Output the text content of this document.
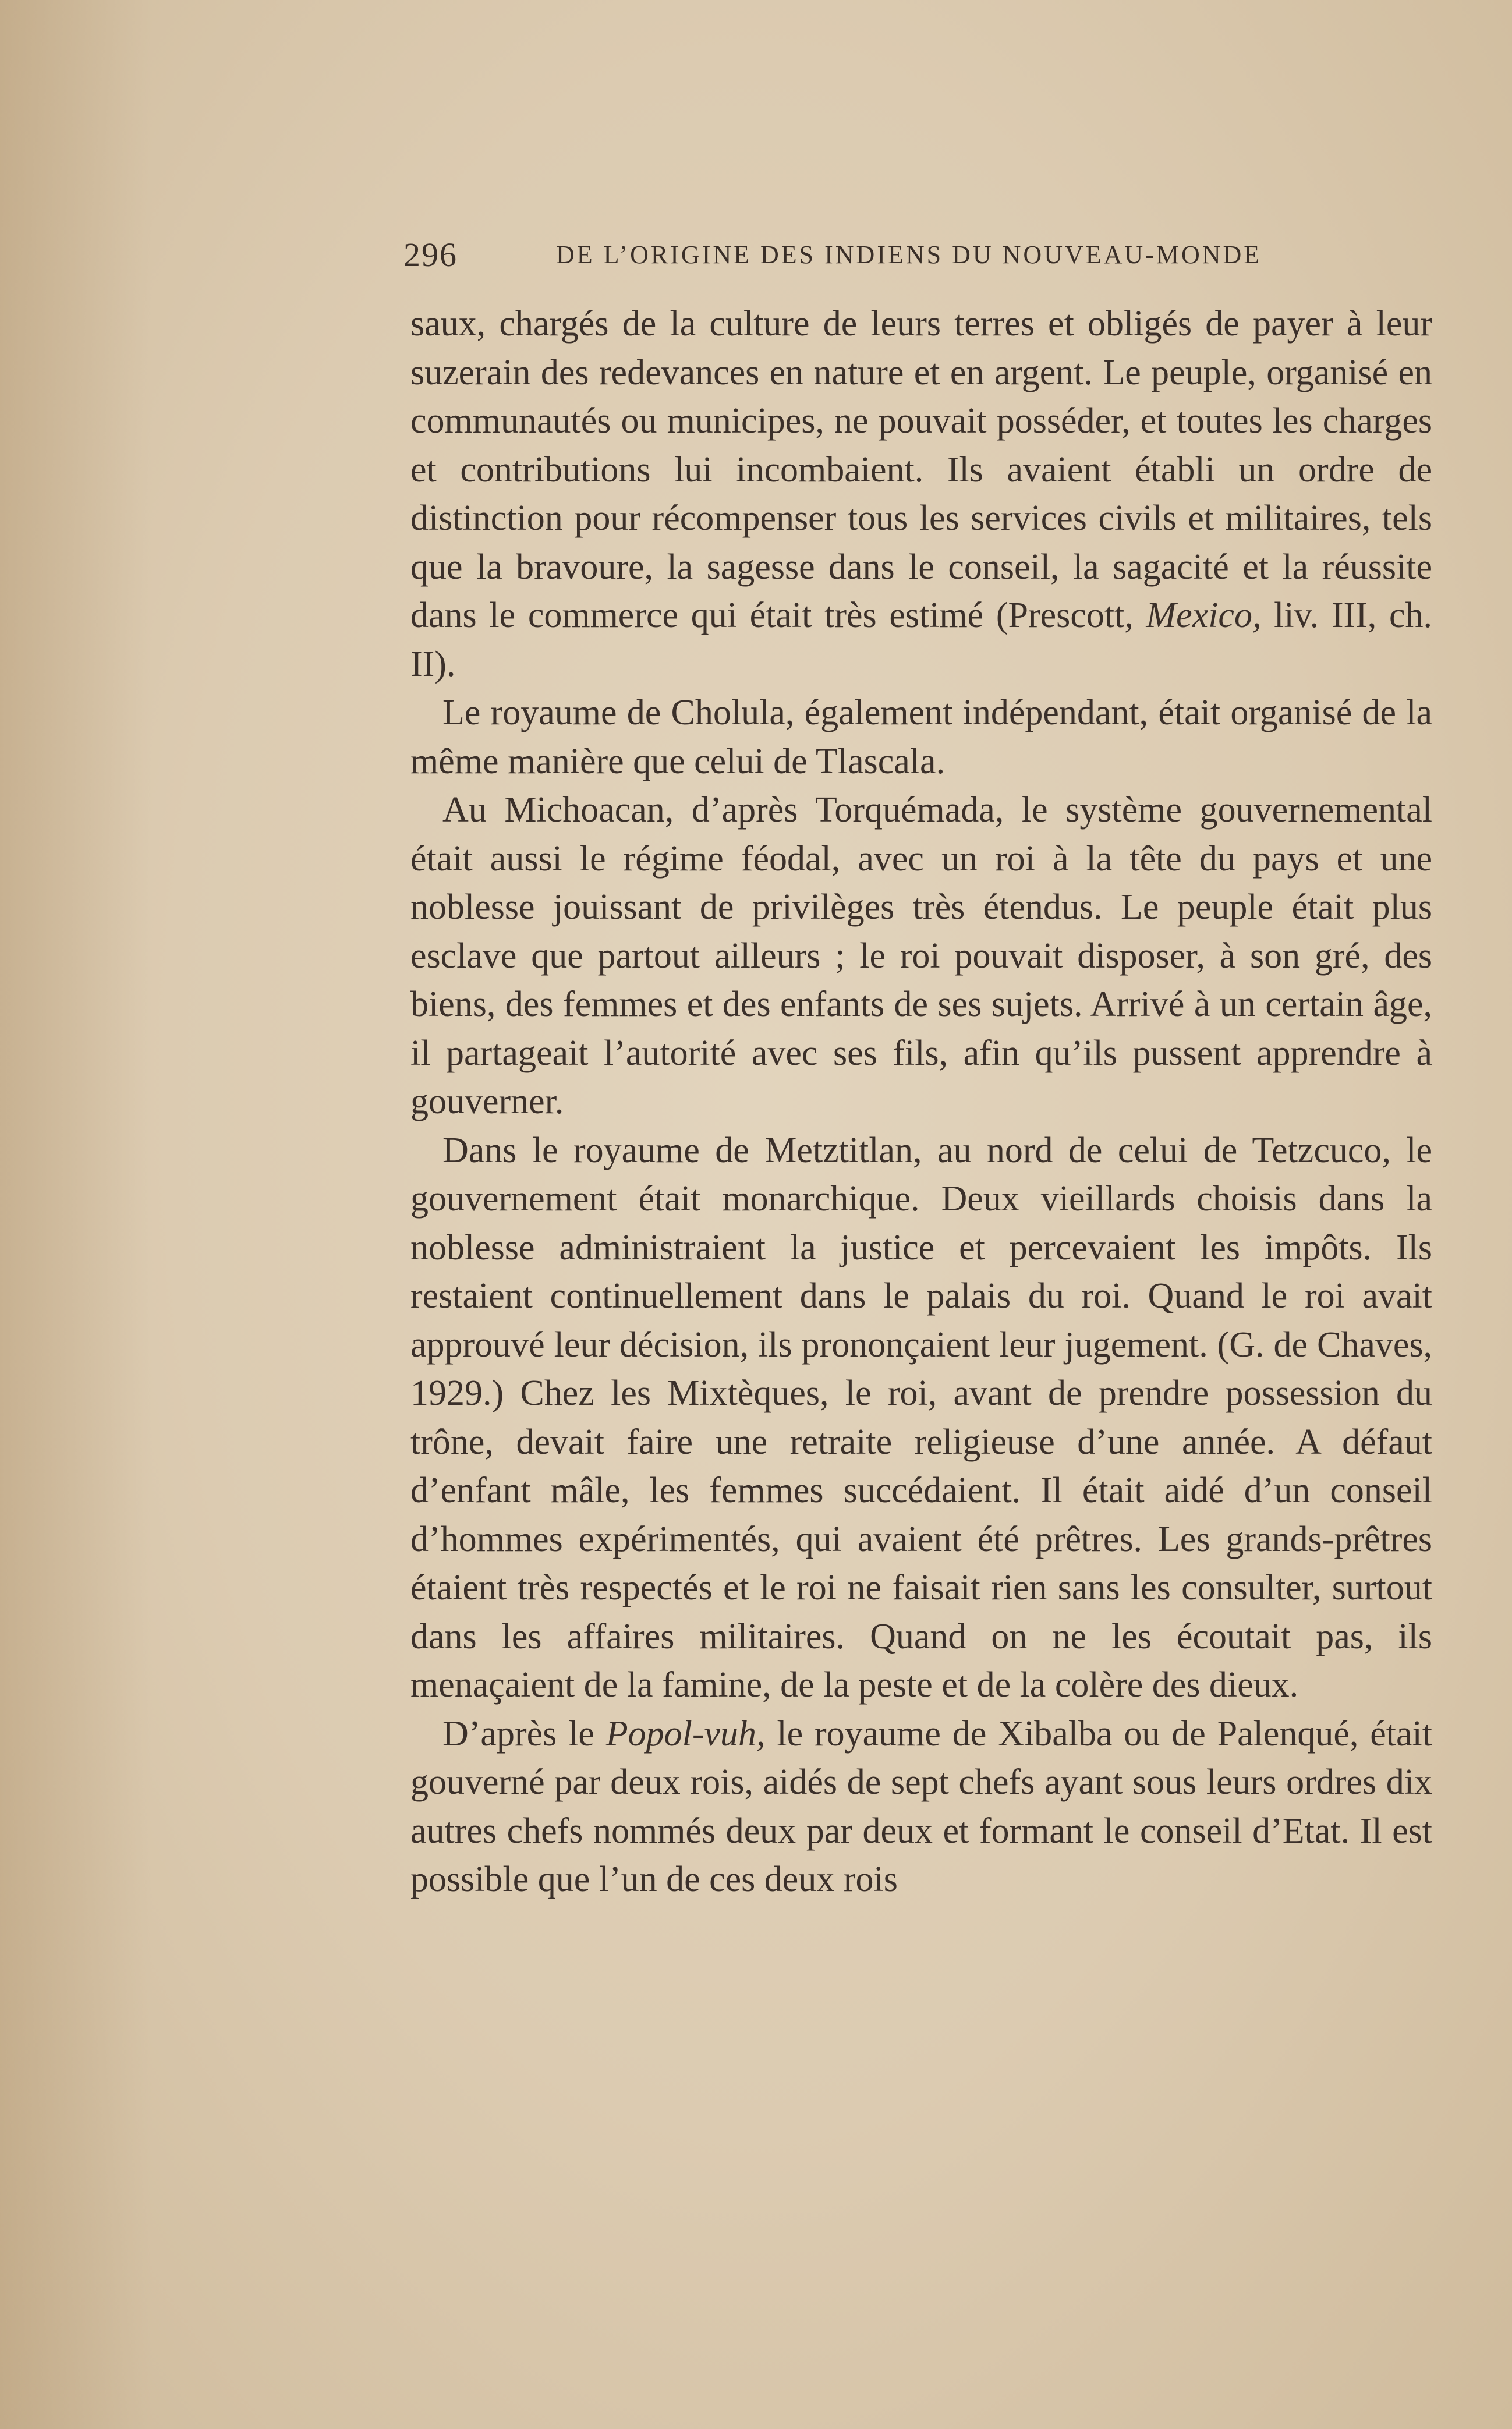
296	DE L’ORIGINE DES INDIENS DU NOUVEAU-MONDE

saux, chargés de la culture de leurs terres et obligés de payer à leur suzerain des redevances en nature et en argent. Le peuple, organisé en communautés ou municipes, ne pouvait posséder, et toutes les charges et contributions lui incombaient. Ils avaient établi un ordre de distinction pour récompenser tous les services civils et militaires, tels que la bravoure, la sagesse dans le conseil, la sagacité et la réussite dans le commerce qui était très estimé (Prescott, Mexico, liv. III, ch. II).

Le royaume de Cholula, également indépendant, était organisé de la même manière que celui de Tlascala.

Au Michoacan, d’après Torquémada, le système gouvernemental était aussi le régime féodal, avec un roi à la tête du pays et une noblesse jouissant de privilèges très étendus. Le peuple était plus esclave que partout ailleurs ; le roi pouvait disposer, à son gré, des biens, des femmes et des enfants de ses sujets. Arrivé à un certain âge, il partageait l’autorité avec ses fils, afin qu’ils pussent apprendre à gouverner.

Dans le royaume de Metztitlan, au nord de celui de Tetzcuco, le gouvernement était monarchique. Deux vieillards choisis dans la noblesse administraient la justice et percevaient les impôts. Ils restaient continuellement dans le palais du roi. Quand le roi avait approuvé leur décision, ils prononçaient leur jugement. (G. de Chaves, 1929.) Chez les Mixtèques, le roi, avant de prendre possession du trône, devait faire une retraite religieuse d’une année. A défaut d’enfant mâle, les femmes succédaient. Il était aidé d’un conseil d’hommes expérimentés, qui avaient été prêtres. Les grands-prêtres étaient très respectés et le roi ne faisait rien sans les consulter, surtout dans les affaires militaires. Quand on ne les écoutait pas, ils menaçaient de la famine, de la peste et de la colère des dieux.

D’après le Popol-vuh, le royaume de Xibalba ou de Palenqué, était gouverné par deux rois, aidés de sept chefs ayant sous leurs ordres dix autres chefs nommés deux par deux et formant le conseil d’Etat. Il est possible que l’un de ces deux rois
